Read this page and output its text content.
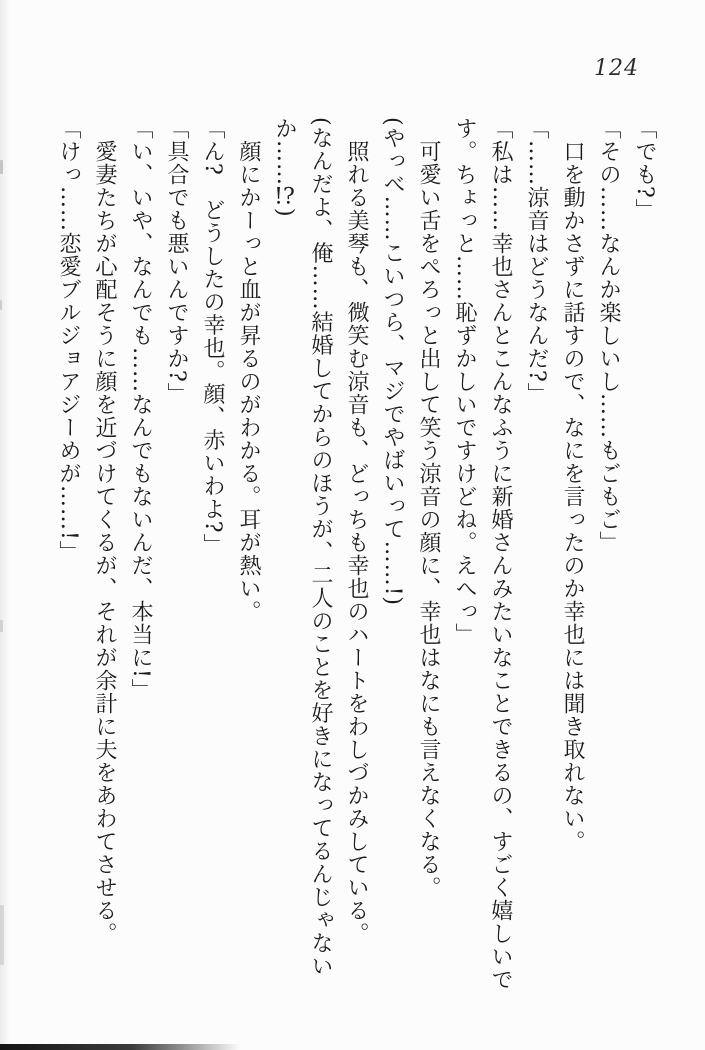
124

「でも?」

「その……なんか楽しいし……もごもご」

口を動かさずに話すので、なにを言ったのか幸也には聞き取れない。

「……涼音はどうなんだ?」

「私は……幸也さんとこんなふうに新婚さんみたいなことできるの、すごく嬉しいです。ちょっと……恥ずかしいですけどね。えへっ」

可愛い舌をぺろっと出して笑う涼音の顔に、幸也はなにも言えなくなる。

(やっべ……こいつら、マジでやばいって……!)

照れる美琴も、微笑む涼音も、どっちも幸也のハートをわしづかみしている。

(なんだよ、俺……結婚してからのほうが、二人のことを好きになってるんじゃないか……!?)

顔にかーっと血が昇るのがわかる。耳が熱い。

「ん?　どうしたの幸也。顔、赤いわよ?」

「具合でも悪いんですか?」

「い、いや、なんでも……なんでもないんだ、本当に!」

愛妻たちが心配そうに顔を近づけてくるが、それが余計に夫をあわてさせる。

「けっ……恋愛ブルジョアジーめが……!」
